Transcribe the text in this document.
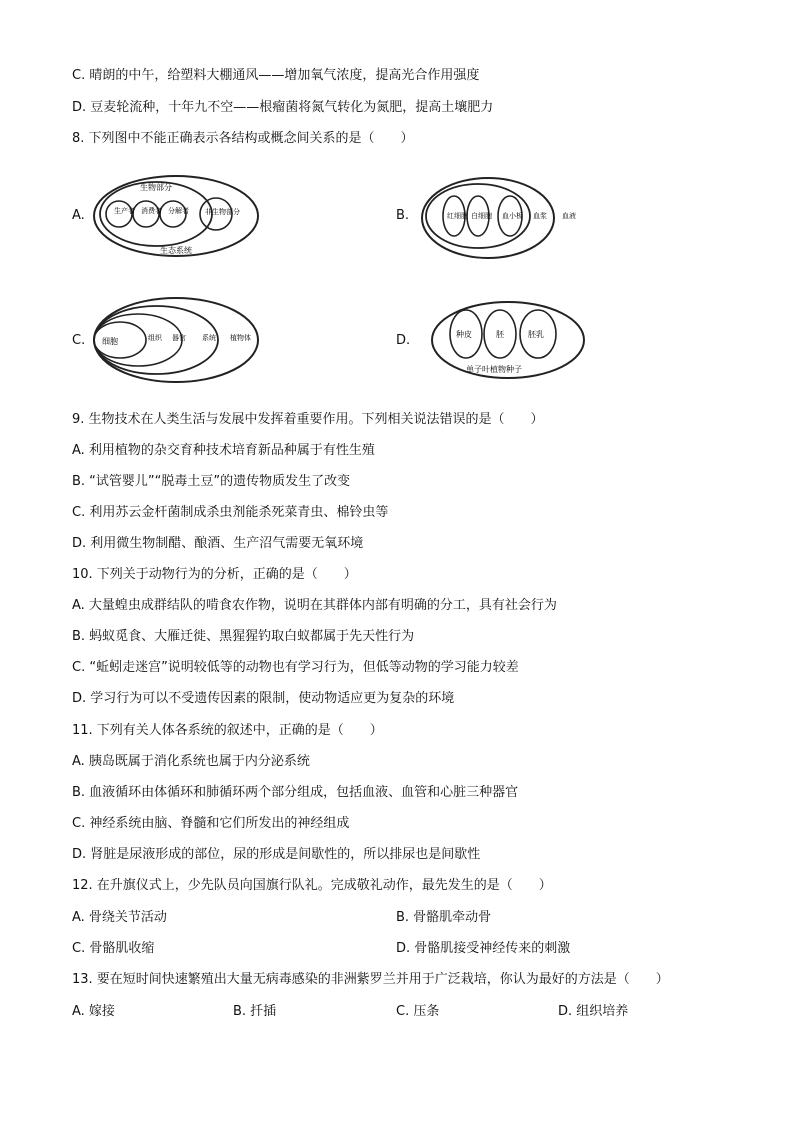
C. 晴朗的中午，给塑料大棚通风——增加氧气浓度，提高光合作用强度
D. 豆麦轮流种，十年九不空——根瘤菌将氮气转化为氮肥，提高土壤肥力
8. 下列图中不能正确表示各结构或概念间关系的是（　　）
A.
生物部分
生产者 消费者 分解者 非生物部分
生态系统
B.	红细胞 白细胞 血小板 血浆 血液
C. 细胞	组织 器官 系统 植物体	D.	种皮	胚	胚乳
单子叶植物种子
9. 生物技术在人类生活与发展中发挥着重要作用。下列相关说法错误的是（　　）
A. 利用植物的杂交育种技术培育新品种属于有性生殖
B. “试管婴儿”“脱毒土豆”的遗传物质发生了改变
C. 利用苏云金杆菌制成杀虫剂能杀死菜青虫、棉铃虫等
D. 利用微生物制醋、酿酒、生产沼气需要无氧环境
10. 下列关于动物行为的分析，正确的是（　　）
A. 大量蝗虫成群结队的啃食农作物，说明在其群体内部有明确的分工，具有社会行为
B. 蚂蚁觅食、大雁迁徙、黑猩猩钓取白蚁都属于先天性行为
C. “蚯蚓走迷宫”说明较低等的动物也有学习行为，但低等动物的学习能力较差
D. 学习行为可以不受遗传因素的限制，使动物适应更为复杂的环境
11. 下列有关人体各系统的叙述中，正确的是（　　）
A. 胰岛既属于消化系统也属于内分泌系统
B. 血液循环由体循环和肺循环两个部分组成，包括血液、血管和心脏三种器官
C. 神经系统由脑、脊髓和它们所发出的神经组成
D. 肾脏是尿液形成的部位，尿的形成是间歇性的，所以排尿也是间歇性
12. 在升旗仪式上，少先队员向国旗行队礼。完成敬礼动作，最先发生的是（　　）
A. 骨绕关节活动	B. 骨骼肌牵动骨
C. 骨骼肌收缩	D. 骨骼肌接受神经传来的刺激
13. 要在短时间快速繁殖出大量无病毒感染的非洲紫罗兰并用于广泛栽培，你认为最好的方法是（　　）
A. 嫁接	B. 扦插	C. 压条	D. 组织培养
